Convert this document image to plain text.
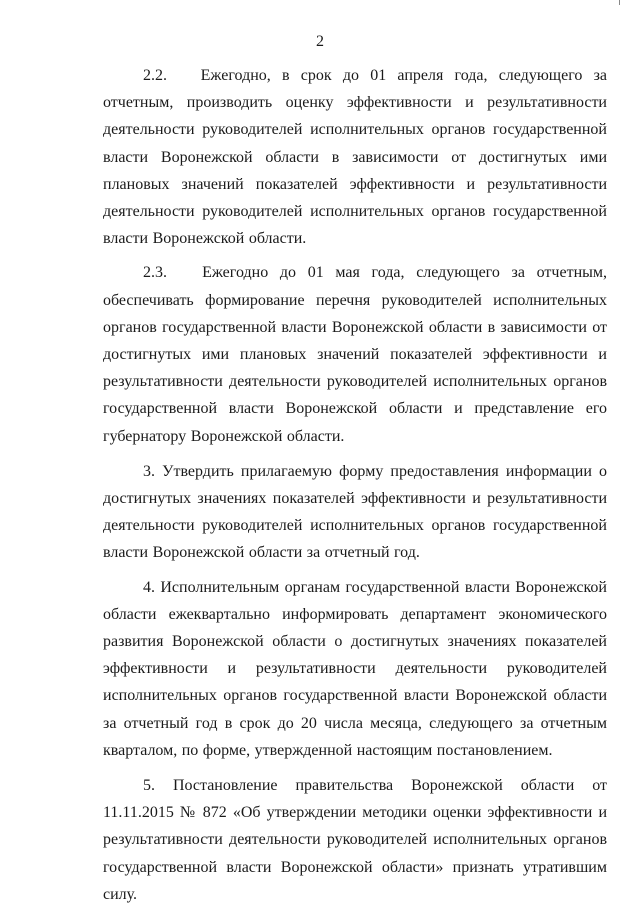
2

2.2. Ежегодно, в срок до 01 апреля года, следующего за отчетным, производить оценку эффективности и результативности деятельности руководителей исполнительных органов государственной власти Воронежской области в зависимости от достигнутых ими плановых значений показателей эффективности и результативности деятельности руководителей исполнительных органов государственной власти Воронежской области.

2.3. Ежегодно до 01 мая года, следующего за отчетным, обеспечивать формирование перечня руководителей исполнительных органов государственной власти Воронежской области в зависимости от достигнутых ими плановых значений показателей эффективности и результативности деятельности руководителей исполнительных органов государственной власти Воронежской области и представление его губернатору Воронежской области.

3. Утвердить прилагаемую форму предоставления информации о достигнутых значениях показателей эффективности и результативности деятельности руководителей исполнительных органов государственной власти Воронежской области за отчетный год.

4. Исполнительным органам государственной власти Воронежской области ежеквартально информировать департамент экономического развития Воронежской области о достигнутых значениях показателей эффективности и результативности деятельности руководителей исполнительных органов государственной власти Воронежской области за отчетный год в срок до 20 числа месяца, следующего за отчетным кварталом, по форме, утвержденной настоящим постановлением.

5. Постановление правительства Воронежской области от 11.11.2015 № 872 «Об утверждении методики оценки эффективности и результативности деятельности руководителей исполнительных органов государственной власти Воронежской области» признать утратившим силу.
